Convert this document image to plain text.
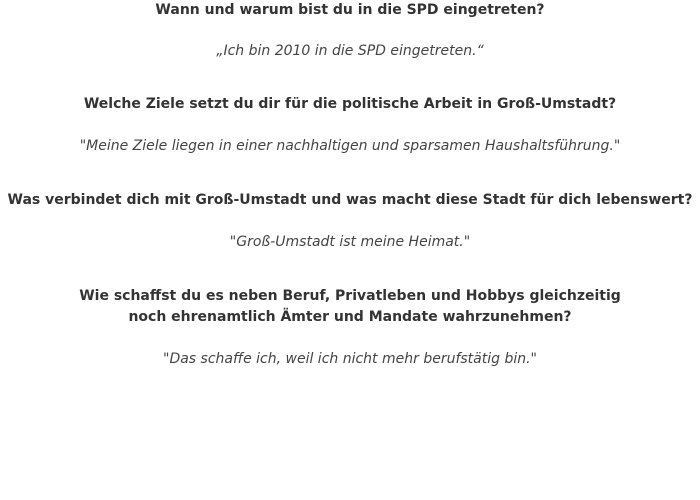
Wann und warum bist du in die SPD eingetreten?

„Ich bin 2010 in die SPD eingetreten.“

Welche Ziele setzt du dir für die politische Arbeit in Groß-Umstadt?

"Meine Ziele liegen in einer nachhaltigen und sparsamen Haushaltsführung."

Was verbindet dich mit Groß-Umstadt und was macht diese Stadt für dich lebenswert?

"Groß-Umstadt ist meine Heimat."

Wie schaffst du es neben Beruf, Privatleben und Hobbys gleichzeitig
noch ehrenamtlich Ämter und Mandate wahrzunehmen?

"Das schaffe ich, weil ich nicht mehr berufstätig bin."
